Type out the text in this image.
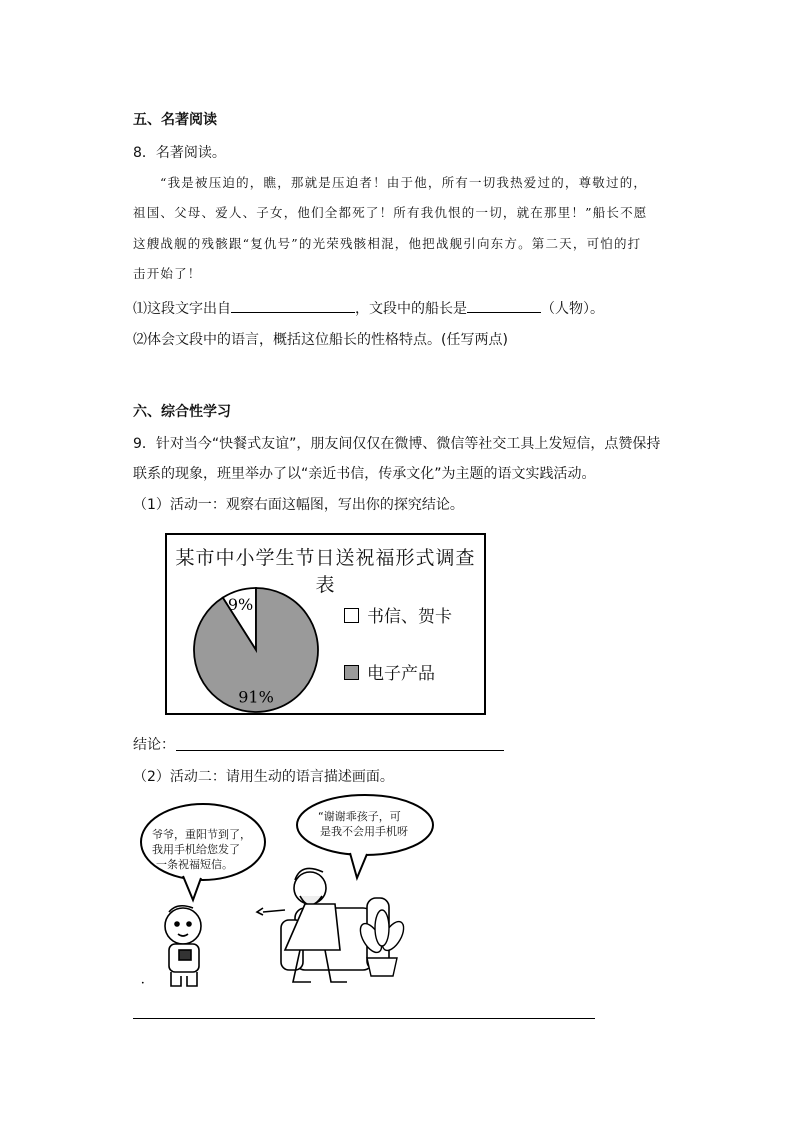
五、名著阅读
8．名著阅读。
“我是被压迫的，瞧，那就是压迫者！由于他，所有一切我热爱过的，尊敬过的，
祖国、父母、爱人、子女，他们全都死了！所有我仇恨的一切，就在那里！”船长不愿
这艘战舰的残骸跟“复仇号”的光荣残骸相混，他把战舰引向东方。第二天，可怕的打
击开始了！
⑴这段文字出自	，文段中的船长是	（人物）。
⑵体会文段中的语言，概括这位船长的性格特点。(任写两点)
六、综合性学习
9．针对当今“快餐式友谊”，朋友间仅仅在微博、微信等社交工具上发短信，点赞保持
联系的现象，班里举办了以“亲近书信，传承文化”为主题的语文实践活动。
（1）活动一：观察右面这幅图，写出你的探究结论。
某市中小学生节日送祝福形式调查表
9%
91%
书信、贺卡
电子产品
结论：
（2）活动二：请用生动的语言描述画面。
•
爷爷，重阳节到了，
我用手机给您发了
一条祝福短信。
“谢谢乖孩子，可
是我不会用手机呀
